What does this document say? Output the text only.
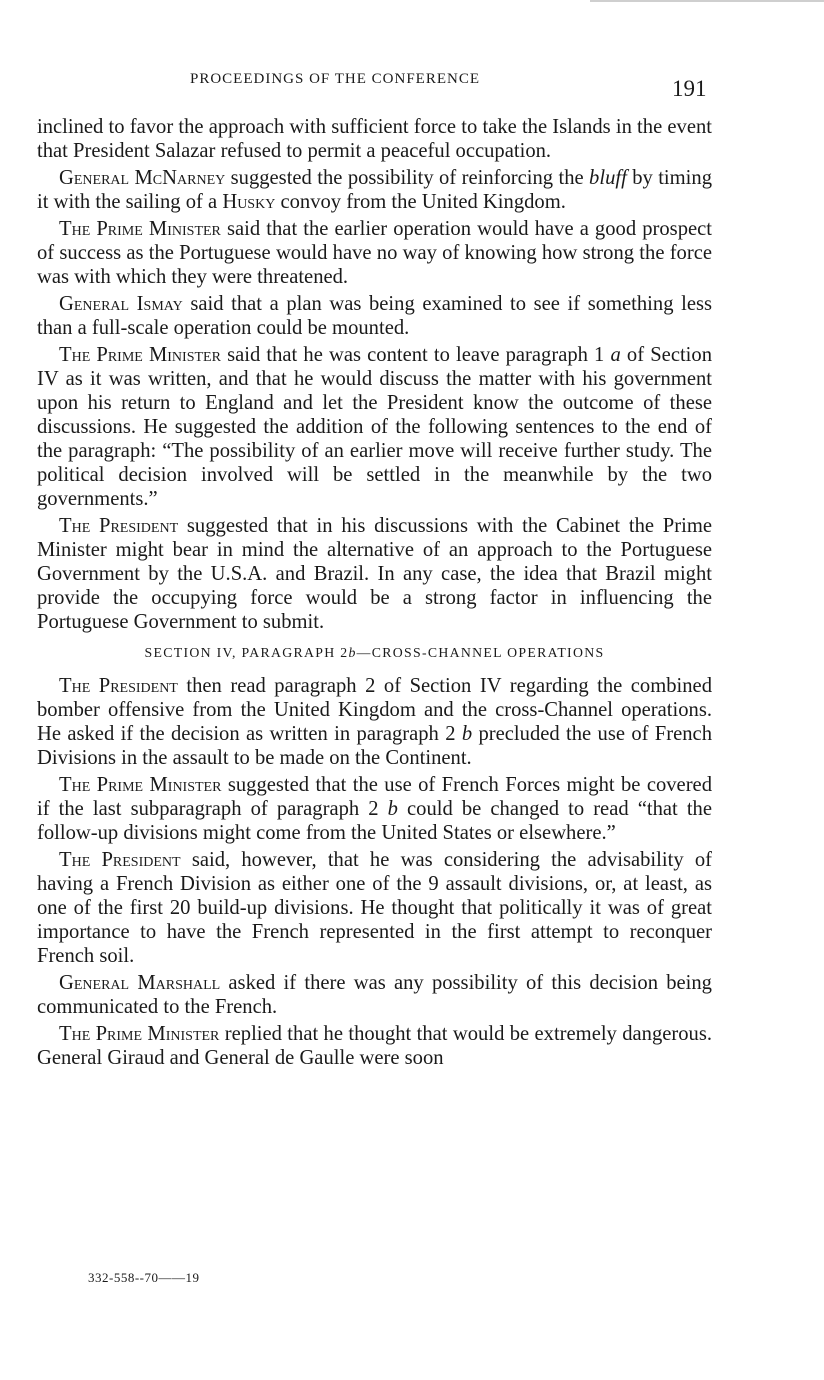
PROCEEDINGS OF THE CONFERENCE	191

inclined to favor the approach with sufficient force to take the Islands in the event that President Salazar refused to permit a peaceful occupation.

General McNarney suggested the possibility of reinforcing the bluff by timing it with the sailing of a Husky convoy from the United Kingdom.

The Prime Minister said that the earlier operation would have a good prospect of success as the Portuguese would have no way of knowing how strong the force was with which they were threatened.

General Ismay said that a plan was being examined to see if something less than a full-scale operation could be mounted.

The Prime Minister said that he was content to leave paragraph 1 a of Section IV as it was written, and that he would discuss the matter with his government upon his return to England and let the President know the outcome of these discussions. He suggested the addition of the following sentences to the end of the paragraph: “The possibility of an earlier move will receive further study. The political decision involved will be settled in the meanwhile by the two governments.”

The President suggested that in his discussions with the Cabinet the Prime Minister might bear in mind the alternative of an approach to the Portuguese Government by the U.S.A. and Brazil. In any case, the idea that Brazil might provide the occupying force would be a strong factor in influencing the Portuguese Government to submit.

SECTION IV, PARAGRAPH 2b—CROSS-CHANNEL OPERATIONS

The President then read paragraph 2 of Section IV regarding the combined bomber offensive from the United Kingdom and the cross-Channel operations. He asked if the decision as written in paragraph 2 b precluded the use of French Divisions in the assault to be made on the Continent.

The Prime Minister suggested that the use of French Forces might be covered if the last subparagraph of paragraph 2 b could be changed to read “that the follow-up divisions might come from the United States or elsewhere.”

The President said, however, that he was considering the advisability of having a French Division as either one of the 9 assault divisions, or, at least, as one of the first 20 build-up divisions. He thought that politically it was of great importance to have the French represented in the first attempt to reconquer French soil.

General Marshall asked if there was any possibility of this decision being communicated to the French.

The Prime Minister replied that he thought that would be extremely dangerous. General Giraud and General de Gaulle were soon

332-558--70——19
